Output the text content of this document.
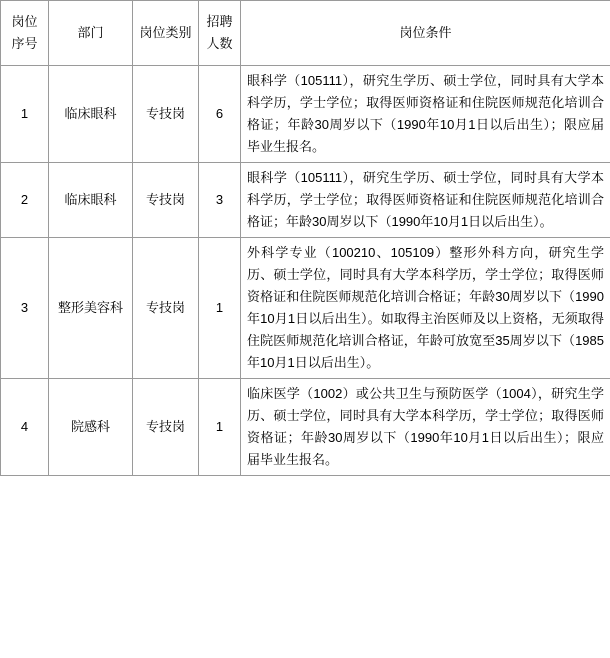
岗位序号	部门	岗位类别	招聘人数	岗位条件
1	临床眼科	专技岗	6	眼科学（105111），研究生学历、硕士学位，同时具有大学本科学历，学士学位；取得医师资格证和住院医师规范化培训合格证；年龄30周岁以下（1990年10月1日以后出生）；限应届毕业生报名。
2	临床眼科	专技岗	3	眼科学（105111），研究生学历、硕士学位，同时具有大学本科学历，学士学位；取得医师资格证和住院医师规范化培训合格证；年龄30周岁以下（1990年10月1日以后出生）。
3	整形美容科	专技岗	1	外科学专业（100210、105109）整形外科方向，研究生学历、硕士学位，同时具有大学本科学历，学士学位；取得医师资格证和住院医师规范化培训合格证；年龄30周岁以下（1990年10月1日以后出生）。如取得主治医师及以上资格，无须取得住院医师规范化培训合格证，年龄可放宽至35周岁以下（1985年10月1日以后出生）。
4	院感科	专技岗	1	临床医学（1002）或公共卫生与预防医学（1004），研究生学历、硕士学位，同时具有大学本科学历，学士学位；取得医师资格证；年龄30周岁以下（1990年10月1日以后出生）；限应届毕业生报名。
